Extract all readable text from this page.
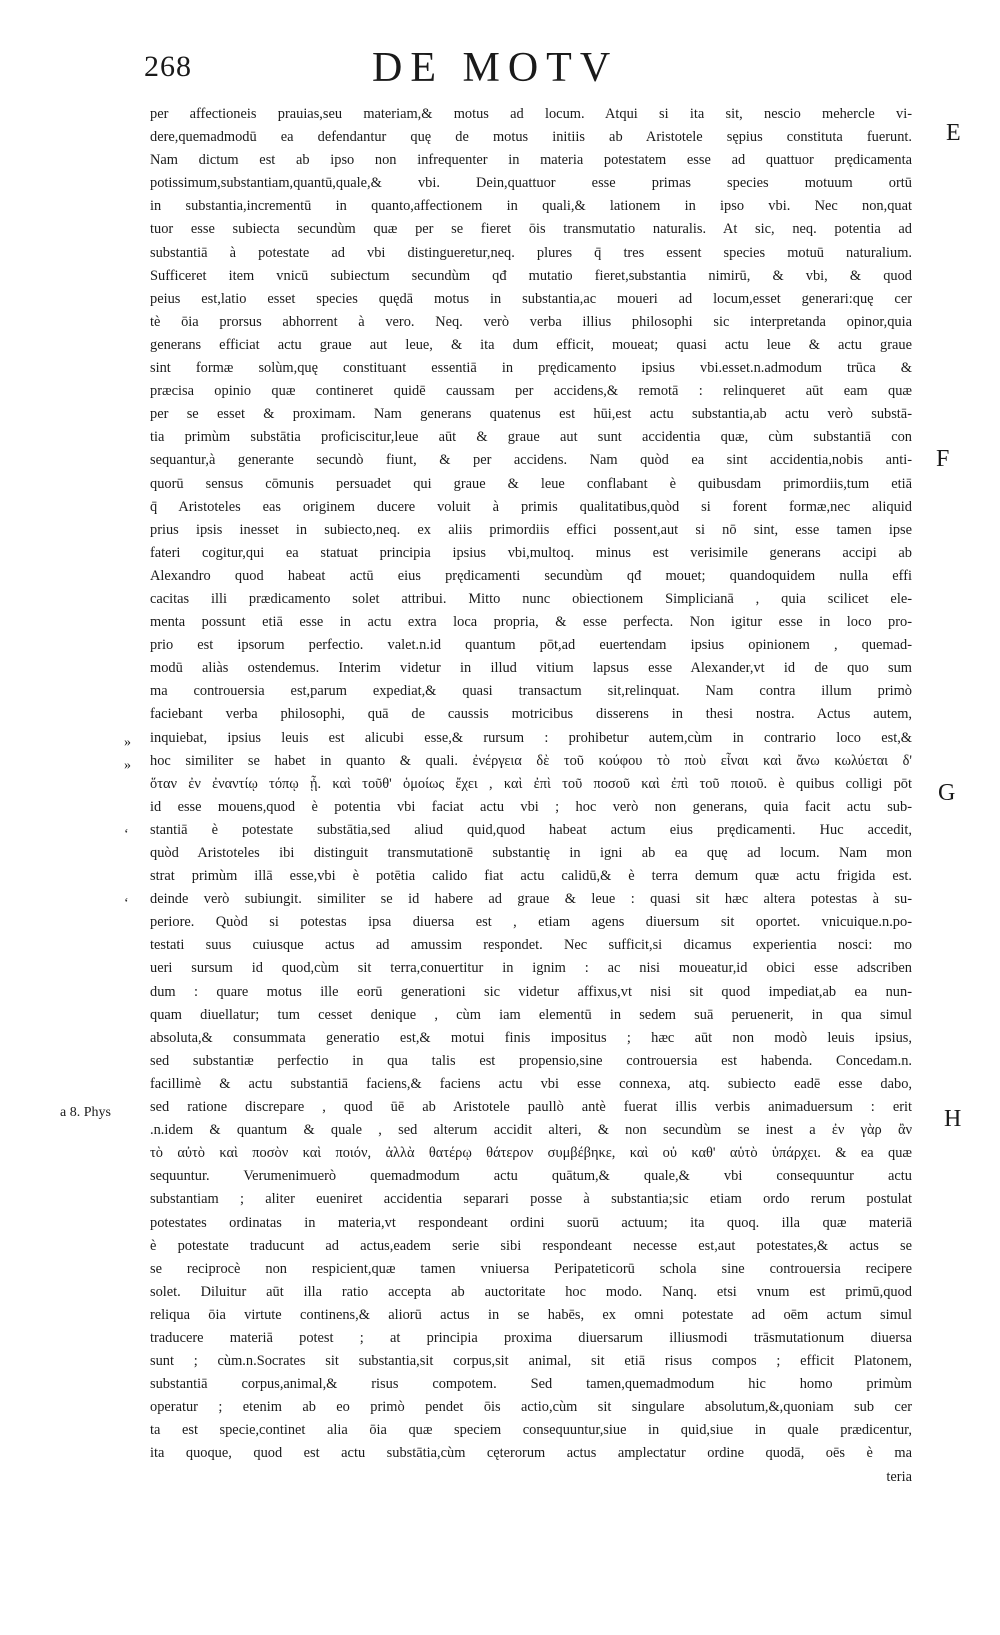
268	DE MOTV
E
F
G
H
»
»
‘
‘
a 8. Phys
per affectioneis prauias,seu materiam,& motus ad locum. Atqui si ita sit, nescio mehercle vi-
dere,quemadmodū ea defendantur quę de motus initiis ab Aristotele sępius constituta fuerunt.
Nam dictum est ab ipso non infrequenter in materia potestatem esse ad quattuor prędicamenta
potissimum,substantiam,quantū,quale,& vbi. Dein,quattuor esse primas species motuum ortū
in substantia,incrementū in quanto,affectionem in quali,& lationem in ipso vbi. Nec non,quat
tuor esse subiecta secundùm quæ per se fieret ōis transmutatio naturalis. At sic, neq. potentia ad
substantiā à potestate ad vbi distingueretur,neq. plures q̄ tres essent species motuū naturalium.
Sufficeret item vnicū subiectum secundùm qđ mutatio fieret,substantia nimirū, & vbi, & quod
peius est,latio esset species quędā motus in substantia,ac moueri ad locum,esset generari:quę cer
tè ōia prorsus abhorrent à vero. Neq. verò verba illius philosophi sic interpretanda opinor,quia
generans efficiat actu graue aut leue, & ita dum efficit, moueat; quasi actu leue & actu graue
sint formæ solùm,quę constituant essentiā in prędicamento ipsius vbi.esset.n.admodum trūca &
præcisa opinio quæ contineret quidē caussam per accidens,& remotā : relinqueret aūt eam quæ
per se esset & proximam. Nam generans quatenus est hūi,est actu substantia,ab actu verò substā-
tia primùm substātia proficiscitur,leue aūt & graue aut sunt accidentia quæ, cùm substantiā con
sequantur,à generante secundò fiunt, & per accidens. Nam quòd ea sint accidentia,nobis anti-
quorū sensus cōmunis persuadet qui graue & leue conflabant è quibusdam primordiis,tum etiā
q̄ Aristoteles eas originem ducere voluit à primis qualitatibus,quòd si forent formæ,nec aliquid
prius ipsis inesset in subiecto,neq. ex aliis primordiis effici possent,aut si nō sint, esse tamen ipse
fateri cogitur,qui ea statuat principia ipsius vbi,multoq. minus est verisimile generans accipi ab
Alexandro quod habeat actū eius prędicamenti secundùm qđ mouet; quandoquidem nulla effi
cacitas illi prædicamento solet attribui. Mitto nunc obiectionem Simplicianā , quia scilicet ele-
menta possunt etiā esse in actu extra loca propria, & esse perfecta. Non igitur esse in loco pro-
prio est ipsorum perfectio. valet.n.id quantum pōt,ad euertendam ipsius opinionem , quemad-
modū aliàs ostendemus. Interim videtur in illud vitium lapsus esse Alexander,vt id de quo sum
ma controuersia est,parum expediat,& quasi transactum sit,relinquat. Nam contra illum primò
faciebant verba philosophi, quā de caussis motricibus disserens in thesi nostra. Actus autem,
inquiebat, ipsius leuis est alicubi esse,& rursum : prohibetur autem,cùm in contrario loco est,&
hoc similiter se habet in quanto & quali. ἐνέργεια δὲ τοῦ κούφου τὸ ποὺ εἶναι καὶ ἄνω κωλύεται δ'
ὅταν ἐν ἐναντίῳ τόπῳ ᾖ. καὶ τοῦθ' ὁμοίως ἔχει , καὶ ἐπὶ τοῦ ποσοῦ καὶ ἐπὶ τοῦ ποιοῦ. è quibus colligi pōt
id esse mouens,quod è potentia vbi faciat actu vbi ; hoc verò non generans, quia facit actu sub-
stantiā è potestate substātia,sed aliud quid,quod habeat actum eius prędicamenti. Huc accedit,
quòd Aristoteles ibi distinguit transmutationē substantię in igni ab ea quę ad locum. Nam mon
strat primùm illā esse,vbi è potētia calido fiat actu calidū,& è terra demum quæ actu frigida est.
deinde verò subiungit. similiter se id habere ad graue & leue : quasi sit hæc altera potestas à su-
periore. Quòd si potestas ipsa diuersa est , etiam agens diuersum sit oportet. vnicuique.n.po-
testati suus cuiusque actus ad amussim respondet. Nec sufficit,si dicamus experientia nosci: mo
ueri sursum id quod,cùm sit terra,conuertitur in ignim : ac nisi moueatur,id obici esse adscriben
dum : quare motus ille eorū generationi sic videtur affixus,vt nisi sit quod impediat,ab ea nun-
quam diuellatur; tum cesset denique , cùm iam elementū in sedem suā peruenerit, in qua simul
absoluta,& consummata generatio est,& motui finis impositus ; hæc aūt non modò leuis ipsius,
sed substantiæ perfectio in qua talis est propensio,sine controuersia est habenda. Concedam.n.
facillimè & actu substantiā faciens,& faciens actu vbi esse connexa, atq. subiecto eadē esse dabo,
sed ratione discrepare , quod ūē ab Aristotele paullò antè fuerat illis verbis animaduersum : erit
.n.idem & quantum & quale , sed alterum accidit alteri, & non secundùm se inest a ἐν γὰρ ἂν
τὸ αὐτὸ καὶ ποσὸν καὶ ποιόν, ἀλλὰ θατέρῳ θάτερον συμβέβηκε, καὶ οὐ καθ' αὑτὸ ὑπάρχει. & ea quæ
sequuntur. Verumenimuerò quemadmodum actu quātum,& quale,& vbi consequuntur actu
substantiam ; aliter eueniret accidentia separari posse à substantia;sic etiam ordo rerum postulat
potestates ordinatas in materia,vt respondeant ordini suorū actuum; ita quoq. illa quæ materiā
è potestate traducunt ad actus,eadem serie sibi respondeant necesse est,aut potestates,& actus se
se reciprocè non respicient,quæ tamen vniuersa Peripateticorū schola sine controuersia recipere
solet. Diluitur aūt illa ratio accepta ab auctoritate hoc modo. Nanq. etsi vnum est primū,quod
reliqua ōia virtute continens,& aliorū actus in se habēs, ex omni potestate ad oēm actum simul
traducere materiā potest ; at principia proxima diuersarum illiusmodi trāsmutationum diuersa
sunt ; cùm.n.Socrates sit substantia,sit corpus,sit animal, sit etiā risus compos ; efficit Platonem,
substantiā corpus,animal,& risus compotem. Sed tamen,quemadmodum hic homo primùm
operatur ; etenim ab eo primò pendet ōis actio,cùm sit singulare absolutum,&,quoniam sub cer
ta est specie,continet alia ōia quæ speciem consequuntur,siue in quid,siue in quale prædicentur,
ita quoque, quod est actu substātia,cùm cęterorum actus amplectatur ordine quodā, oēs è ma
teria
